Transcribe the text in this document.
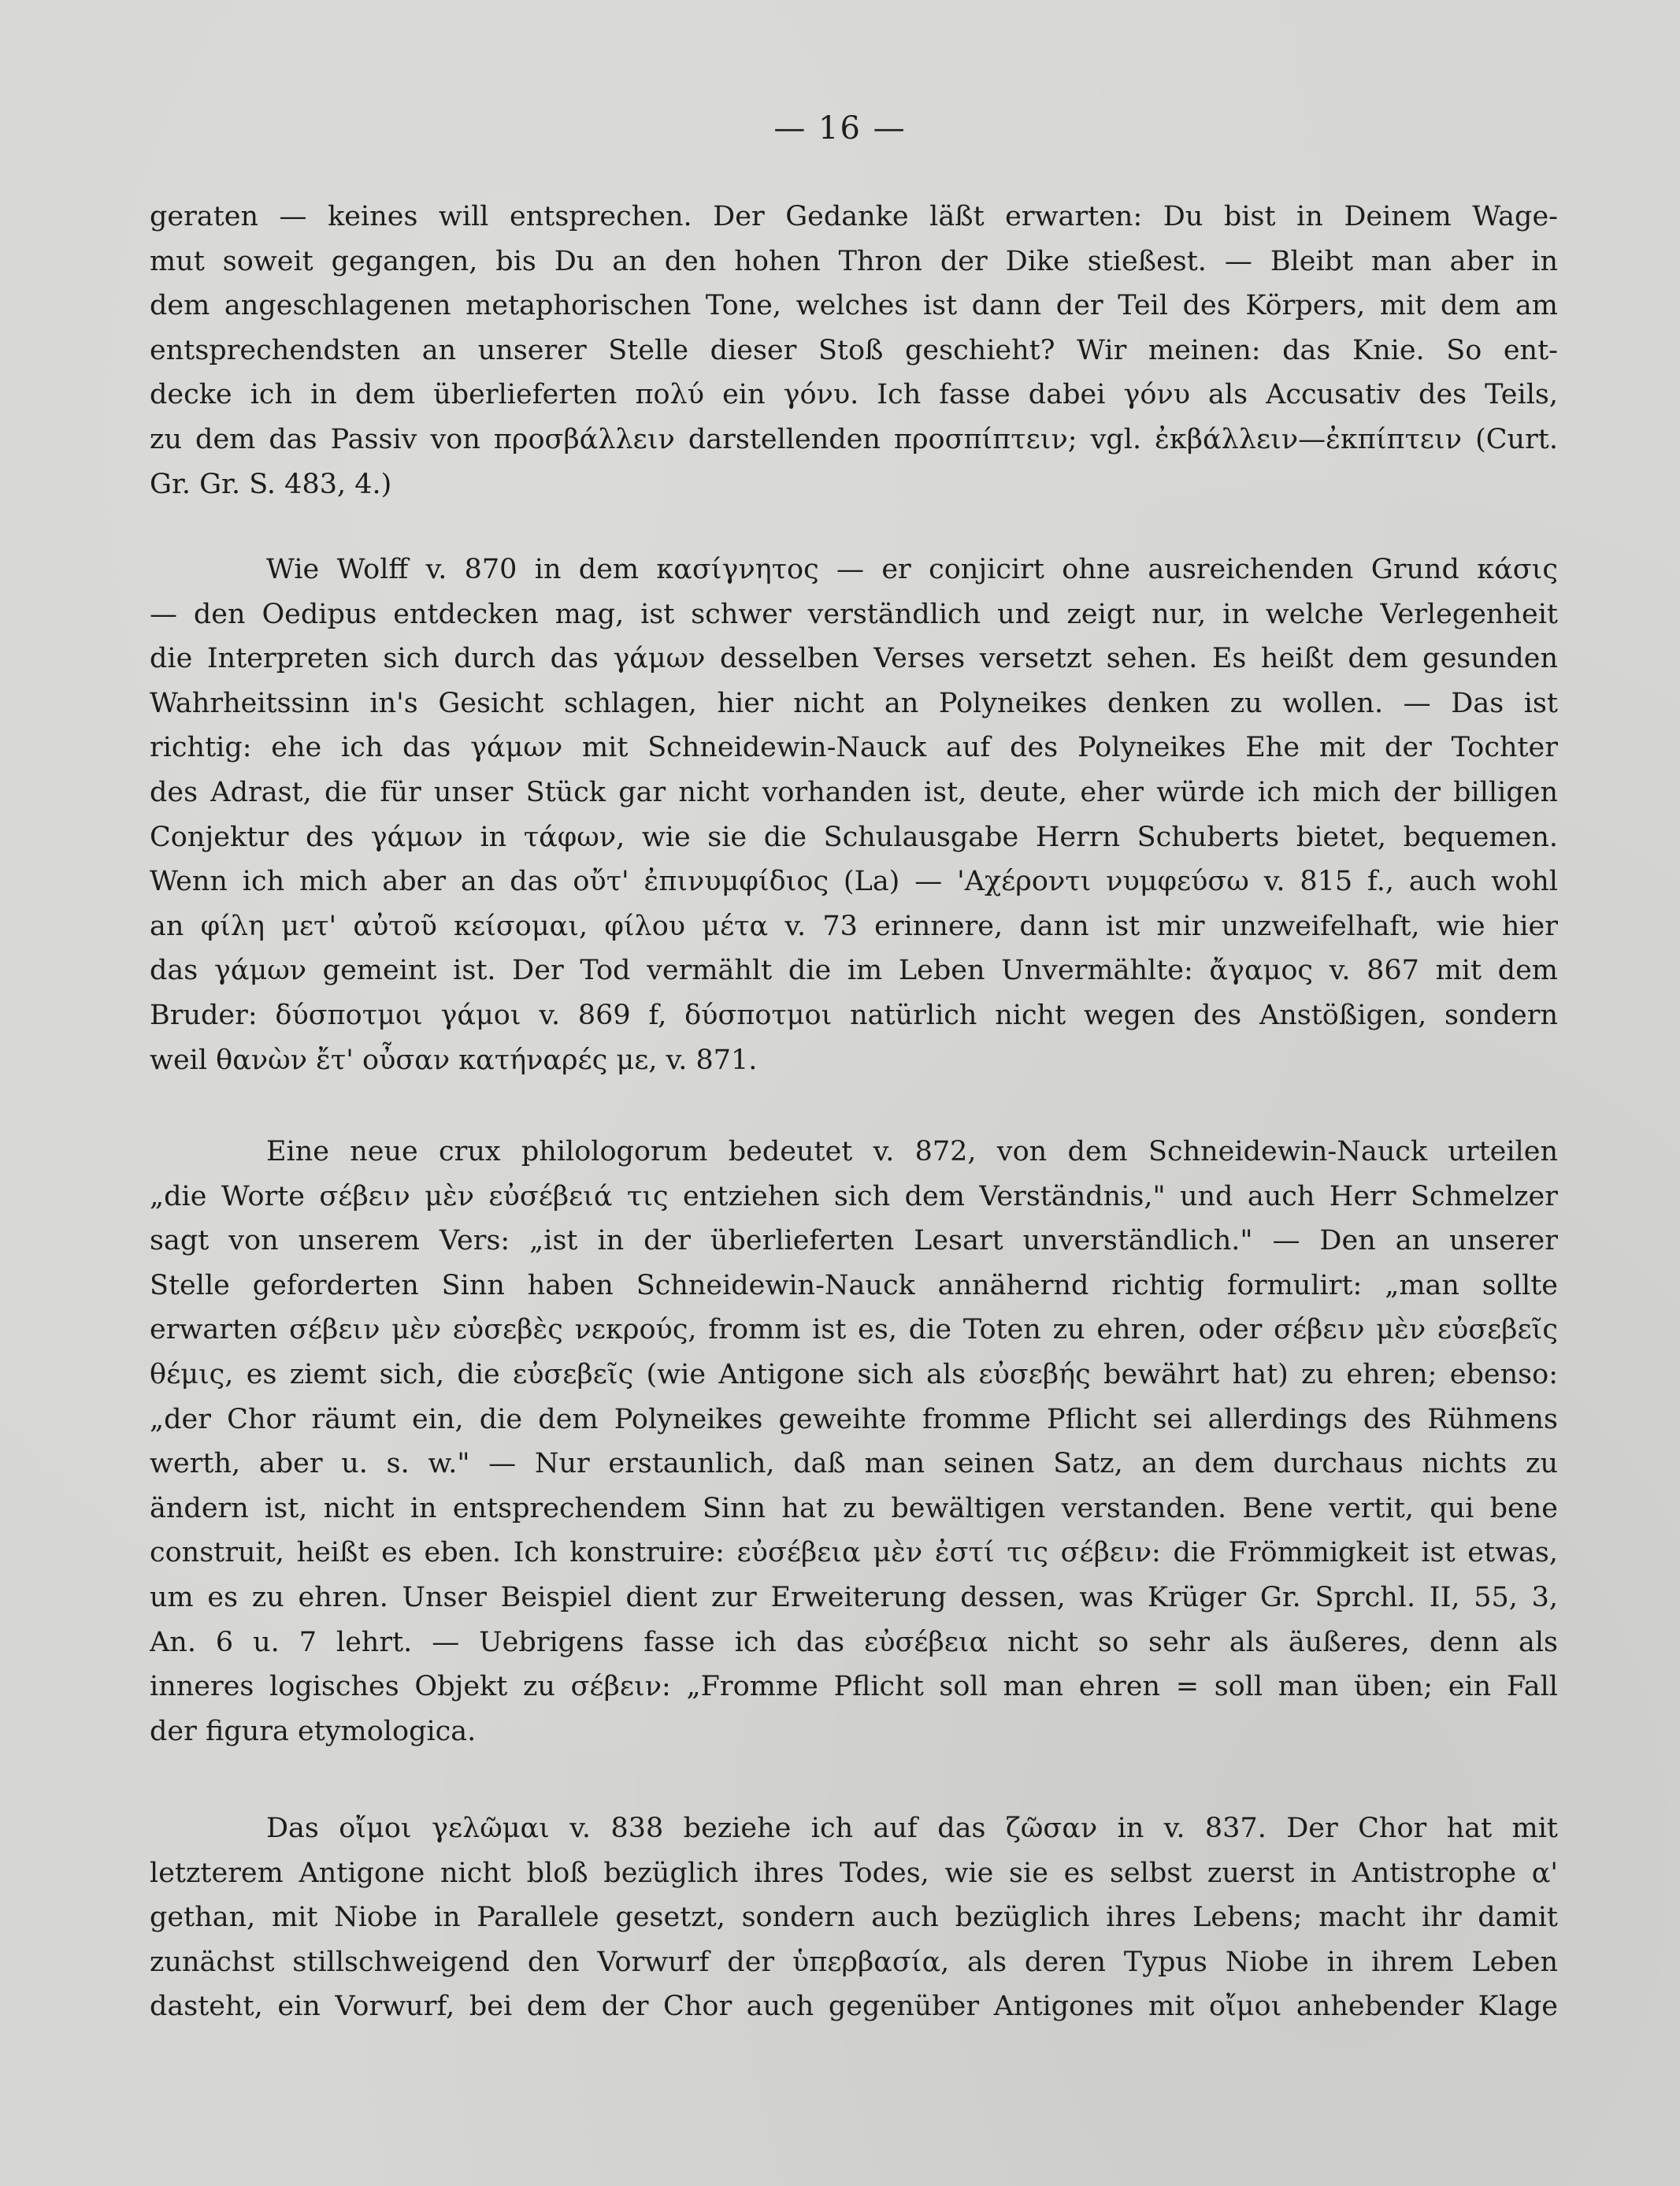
— 16 —
geraten — keines will entsprechen. Der Gedanke läßt erwarten: Du bist in Deinem Wage-
mut soweit gegangen, bis Du an den hohen Thron der Dike stießest. — Bleibt man aber in
dem angeschlagenen metaphorischen Tone, welches ist dann der Teil des Körpers, mit dem am
entsprechendsten an unserer Stelle dieser Stoß geschieht? Wir meinen: das Knie. So ent-
decke ich in dem überlieferten πολύ ein γόνυ. Ich fasse dabei γόνυ als Accusativ des Teils,
zu dem das Passiv von προσβάλλειν darstellenden προσπίπτειν; vgl. ἐκβάλλειν—ἐκπίπτειν (Curt.
Gr. Gr. S. 483, 4.)
Wie Wolff v. 870 in dem κασίγνητος — er conjicirt ohne ausreichenden Grund κάσις
— den Oedipus entdecken mag, ist schwer verständlich und zeigt nur, in welche Verlegenheit
die Interpreten sich durch das γάμων desselben Verses versetzt sehen. Es heißt dem gesunden
Wahrheitssinn in's Gesicht schlagen, hier nicht an Polyneikes denken zu wollen. — Das ist
richtig: ehe ich das γάμων mit Schneidewin-Nauck auf des Polyneikes Ehe mit der Tochter
des Adrast, die für unser Stück gar nicht vorhanden ist, deute, eher würde ich mich der billigen
Conjektur des γάμων in τάφων, wie sie die Schulausgabe Herrn Schuberts bietet, bequemen.
Wenn ich mich aber an das οὔτ' ἐπινυμφίδιος (La) — 'Αχέροντι νυμφεύσω v. 815 f., auch wohl
an φίλη μετ' αὐτοῦ κείσομαι, φίλου μέτα v. 73 erinnere, dann ist mir unzweifelhaft, wie hier
das γάμων gemeint ist. Der Tod vermählt die im Leben Unvermählte: ἄγαμος v. 867 mit dem
Bruder: δύσποτμοι γάμοι v. 869 f, δύσποτμοι natürlich nicht wegen des Anstößigen, sondern
weil θανὼν ἔτ' οὖσαν κατήναρές με, v. 871.
Eine neue crux philologorum bedeutet v. 872, von dem Schneidewin-Nauck urteilen
„die Worte σέβειν μὲν εὐσέβειά τις entziehen sich dem Verständnis," und auch Herr Schmelzer
sagt von unserem Vers: „ist in der überlieferten Lesart unverständlich." — Den an unserer
Stelle geforderten Sinn haben Schneidewin-Nauck annähernd richtig formulirt: „man sollte
erwarten σέβειν μὲν εὐσεβὲς νεκρούς, fromm ist es, die Toten zu ehren, oder σέβειν μὲν εὐσεβεῖς
θέμις, es ziemt sich, die εὐσεβεῖς (wie Antigone sich als εὐσεβής bewährt hat) zu ehren; ebenso:
„der Chor räumt ein, die dem Polyneikes geweihte fromme Pflicht sei allerdings des Rühmens
werth, aber u. s. w." — Nur erstaunlich, daß man seinen Satz, an dem durchaus nichts zu
ändern ist, nicht in entsprechendem Sinn hat zu bewältigen verstanden. Bene vertit, qui bene
construit, heißt es eben. Ich konstruire: εὐσέβεια μὲν ἐστί τις σέβειν: die Frömmigkeit ist etwas,
um es zu ehren. Unser Beispiel dient zur Erweiterung dessen, was Krüger Gr. Sprchl. II, 55, 3,
An. 6 u. 7 lehrt. — Uebrigens fasse ich das εὐσέβεια nicht so sehr als äußeres, denn als
inneres logisches Objekt zu σέβειν: „Fromme Pflicht soll man ehren = soll man üben; ein Fall
der figura etymologica.
Das οἴμοι γελῶμαι v. 838 beziehe ich auf das ζῶσαν in v. 837. Der Chor hat mit
letzterem Antigone nicht bloß bezüglich ihres Todes, wie sie es selbst zuerst in Antistrophe α'
gethan, mit Niobe in Parallele gesetzt, sondern auch bezüglich ihres Lebens; macht ihr damit
zunächst stillschweigend den Vorwurf der ὑπερβασία, als deren Typus Niobe in ihrem Leben
dasteht, ein Vorwurf, bei dem der Chor auch gegenüber Antigones mit οἴμοι anhebender Klage
